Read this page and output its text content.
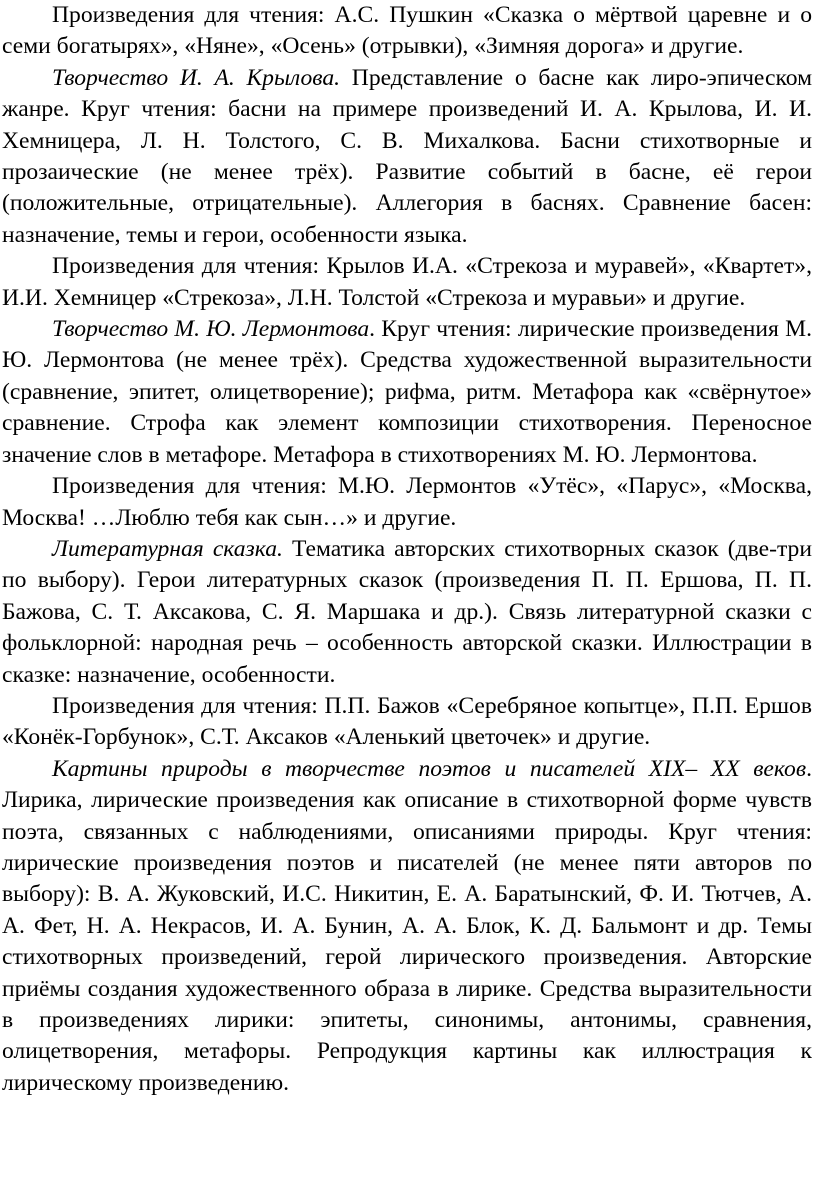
Произведения для чтения: А.С. Пушкин «Сказка о мёртвой царевне и о семи богатырях», «Няне», «Осень» (отрывки), «Зимняя дорога» и другие.

Творчество И. А. Крылова. Представление о басне как лиро-эпическом жанре. Круг чтения: басни на примере произведений И. А. Крылова, И. И. Хемницера, Л. Н. Толстого, С. В. Михалкова. Басни стихотворные и прозаические (не менее трёх). Развитие событий в басне, её герои (положительные, отрицательные). Аллегория в баснях. Сравнение басен: назначение, темы и герои, особенности языка.

Произведения для чтения: Крылов И.А. «Стрекоза и муравей», «Квартет», И.И. Хемницер «Стрекоза», Л.Н. Толстой «Стрекоза и муравьи» и другие.

Творчество М. Ю. Лермонтова. Круг чтения: лирические произведения М. Ю. Лермонтова (не менее трёх). Средства художественной выразительности (сравнение, эпитет, олицетворение); рифма, ритм. Метафора как «свёрнутое» сравнение. Строфа как элемент композиции стихотворения. Переносное значение слов в метафоре. Метафора в стихотворениях М. Ю. Лермонтова.

Произведения для чтения: М.Ю. Лермонтов «Утёс», «Парус», «Москва, Москва! …Люблю тебя как сын…» и другие.

Литературная сказка. Тематика авторских стихотворных сказок (две-три по выбору). Герои литературных сказок (произведения П. П. Ершова, П. П. Бажова, С. Т. Аксакова, С. Я. Маршака и др.). Связь литературной сказки с фольклорной: народная речь – особенность авторской сказки. Иллюстрации в сказке: назначение, особенности.

Произведения для чтения: П.П. Бажов «Серебряное копытце», П.П. Ершов «Конёк-Горбунок», С.Т. Аксаков «Аленький цветочек» и другие.

Картины природы в творчестве поэтов и писателей XIX– XX веков. Лирика, лирические произведения как описание в стихотворной форме чувств поэта, связанных с наблюдениями, описаниями природы. Круг чтения: лирические произведения поэтов и писателей (не менее пяти авторов по выбору): В. А. Жуковский, И.С. Никитин, Е. А. Баратынский, Ф. И. Тютчев, А. А. Фет, Н. А. Некрасов, И. А. Бунин, А. А. Блок, К. Д. Бальмонт и др. Темы стихотворных произведений, герой лирического произведения. Авторские приёмы создания художественного образа в лирике. Средства выразительности в произведениях лирики: эпитеты, синонимы, антонимы, сравнения, олицетворения, метафоры. Репродукция картины как иллюстрация к лирическому произведению.
